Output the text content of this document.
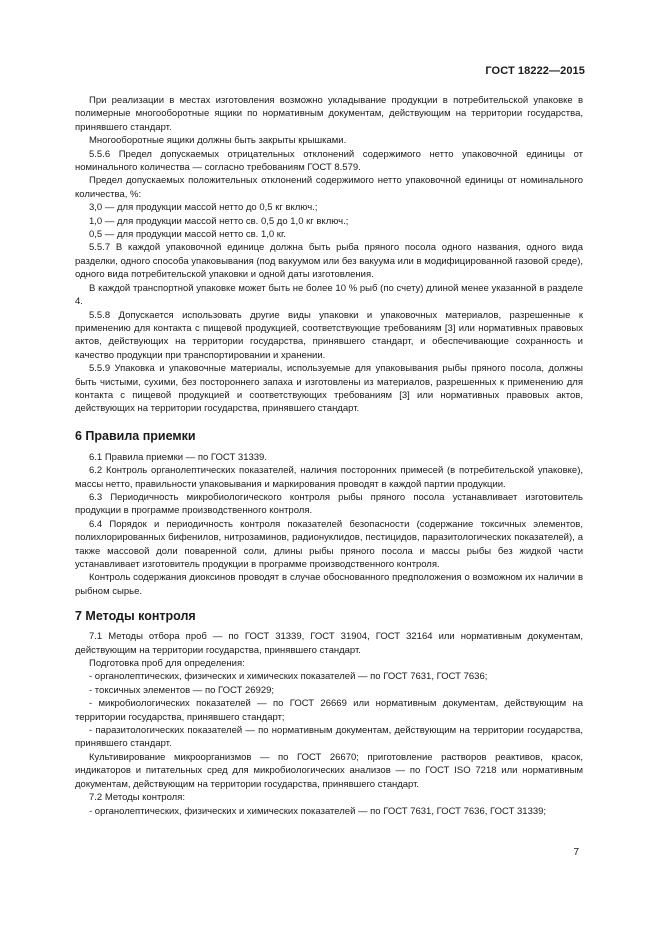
ГОСТ 18222—2015

При реализации в местах изготовления возможно укладывание продукции в потребительской упаковке в полимерные многооборотные ящики по нормативным документам, действующим на территории государства, принявшего стандарт.

Многооборотные ящики должны быть закрыты крышками.

5.5.6 Предел допускаемых отрицательных отклонений содержимого нетто упаковочной единицы от номинального количества — согласно требованиям ГОСТ 8.579.

Предел допускаемых положительных отклонений содержимого нетто упаковочной единицы от номинального количества, %:

3,0 — для продукции массой нетто до 0,5 кг включ.;

1,0 — для продукции массой нетто св. 0,5 до 1,0 кг включ.;

0,5 — для продукции массой нетто св. 1,0 кг.

5.5.7 В каждой упаковочной единице должна быть рыба пряного посола одного названия, одного вида разделки, одного способа упаковывания (под вакуумом или без вакуума или в модифицированной газовой среде), одного вида потребительской упаковки и одной даты изготовления.

В каждой транспортной упаковке может быть не более 10 % рыб (по счету) длиной менее указанной в разделе 4.

5.5.8 Допускается использовать другие виды упаковки и упаковочных материалов, разрешенные к применению для контакта с пищевой продукцией, соответствующие требованиям [3] или нормативных правовых актов, действующих на территории государства, принявшего стандарт, и обеспечивающие сохранность и качество продукции при транспортировании и хранении.

5.5.9 Упаковка и упаковочные материалы, используемые для упаковывания рыбы пряного посола, должны быть чистыми, сухими, без постороннего запаха и изготовлены из материалов, разрешенных к применению для контакта с пищевой продукцией и соответствующих требованиям [3] или нормативных правовых актов, действующих на территории государства, принявшего стандарт.

6 Правила приемки

6.1 Правила приемки — по ГОСТ 31339.

6.2 Контроль органолептических показателей, наличия посторонних примесей (в потребительской упаковке), массы нетто, правильности упаковывания и маркирования проводят в каждой партии продукции.

6.3 Периодичность микробиологического контроля рыбы пряного посола устанавливает изготовитель продукции в программе производственного контроля.

6.4 Порядок и периодичность контроля показателей безопасности (содержание токсичных элементов, полихлорированных бифенилов, нитрозаминов, радионуклидов, пестицидов, паразитологических показателей), а также массовой доли поваренной соли, длины рыбы пряного посола и массы рыбы без жидкой части устанавливает изготовитель продукции в программе производственного контроля.

Контроль содержания диоксинов проводят в случае обоснованного предположения о возможном их наличии в рыбном сырье.

7 Методы контроля

7.1 Методы отбора проб — по ГОСТ 31339, ГОСТ 31904, ГОСТ 32164 или нормативным документам, действующим на территории государства, принявшего стандарт.

Подготовка проб для определения:

- органолептических, физических и химических показателей — по ГОСТ 7631, ГОСТ 7636;

- токсичных элементов — по ГОСТ 26929;

- микробиологических показателей — по ГОСТ 26669 или нормативным документам, действующим на территории государства, принявшего стандарт;

- паразитологических показателей — по нормативным документам, действующим на территории государства, принявшего стандарт.

Культивирование микроорганизмов — по ГОСТ 26670; приготовление растворов реактивов, красок, индикаторов и питательных сред для микробиологических анализов — по ГОСТ ISO 7218 или нормативным документам, действующим на территории государства, принявшего стандарт.

7.2 Методы контроля:

- органолептических, физических и химических показателей — по ГОСТ 7631, ГОСТ 7636, ГОСТ 31339;

7
